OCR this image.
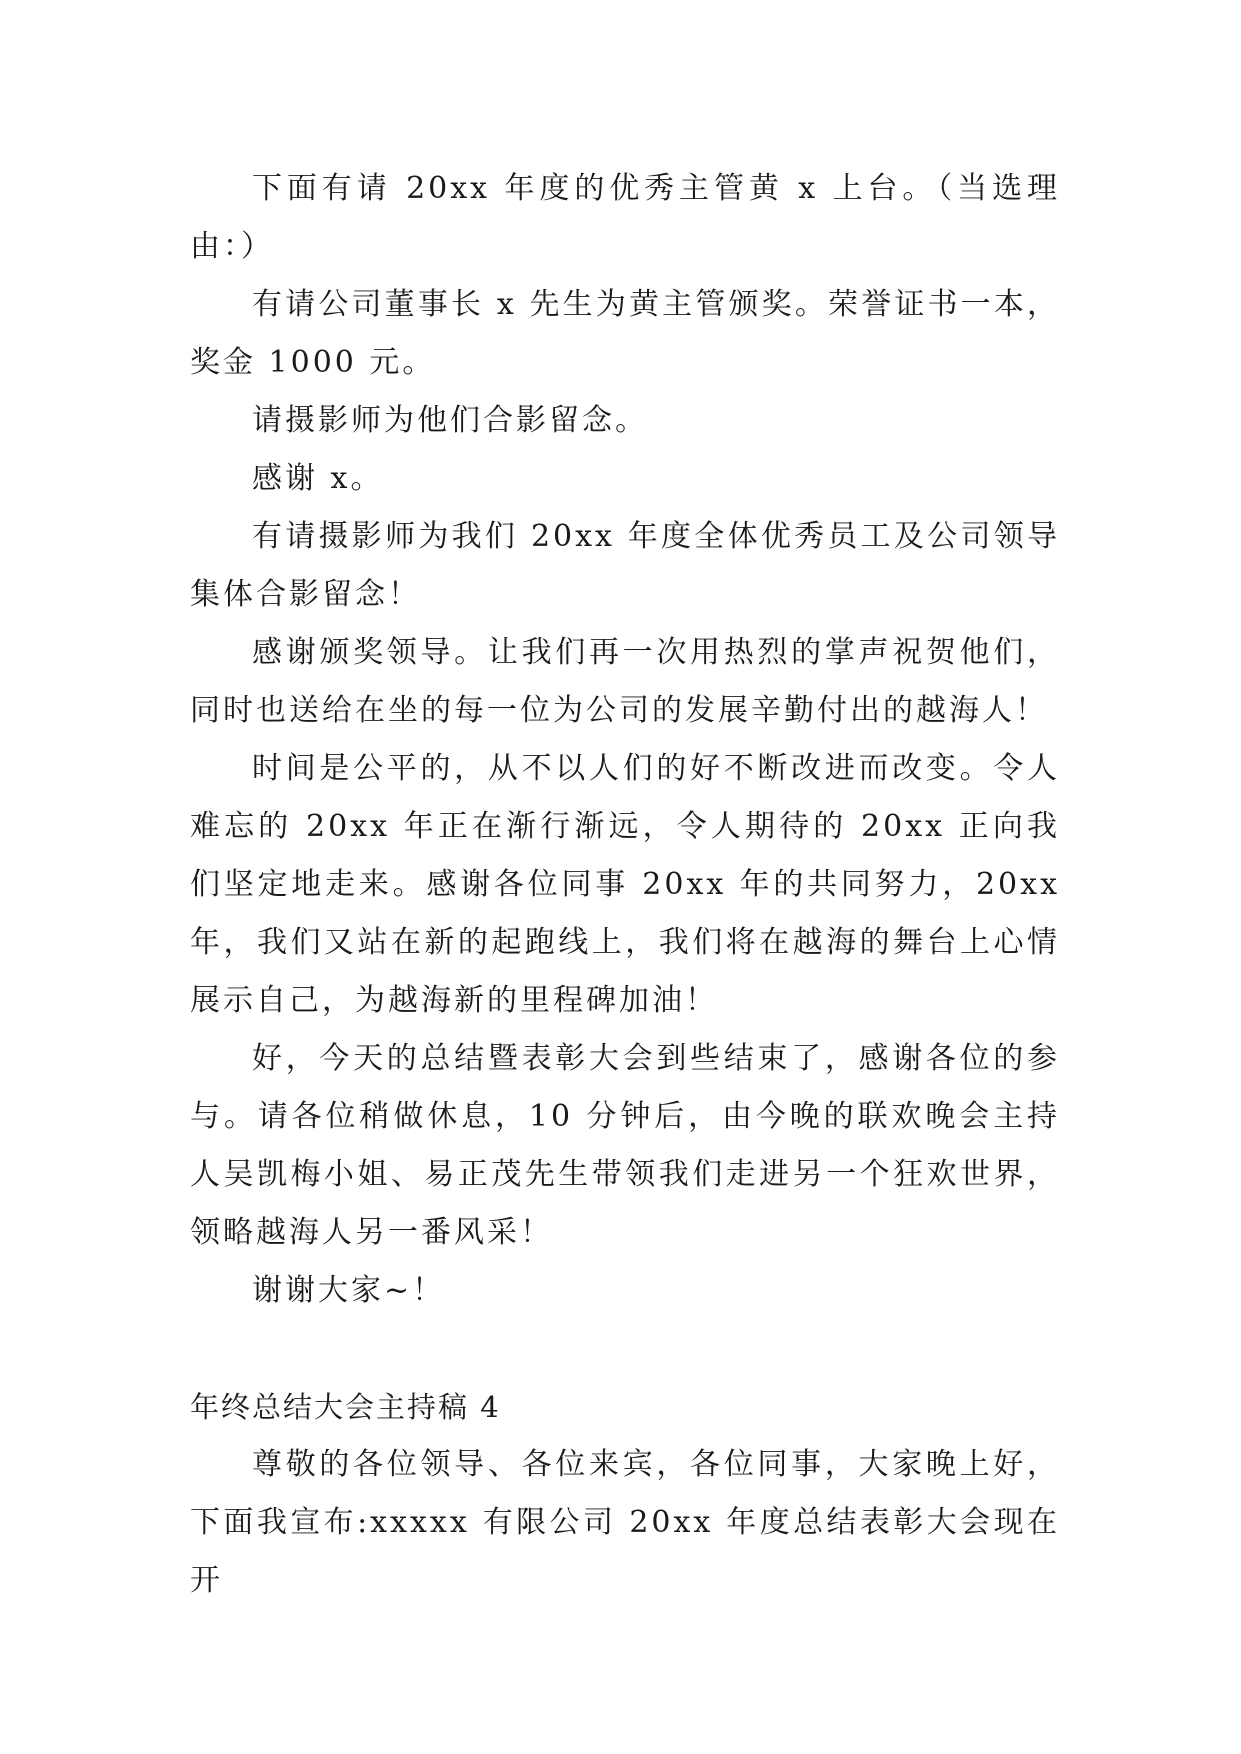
下面有请 20xx 年度的优秀主管黄 x 上台。（当选理由：）

有请公司董事长 x 先生为黄主管颁奖。荣誉证书一本，奖金 1000 元。

请摄影师为他们合影留念。

感谢 x。

有请摄影师为我们 20xx 年度全体优秀员工及公司领导集体合影留念！

感谢颁奖领导。让我们再一次用热烈的掌声祝贺他们，同时也送给在坐的每一位为公司的发展辛勤付出的越海人！

时间是公平的，从不以人们的好不断改进而改变。令人难忘的 20xx 年正在渐行渐远，令人期待的 20xx 正向我们坚定地走来。感谢各位同事 20xx 年的共同努力，20xx 年，我们又站在新的起跑线上，我们将在越海的舞台上心情展示自己，为越海新的里程碑加油！

好，今天的总结暨表彰大会到些结束了，感谢各位的参与。请各位稍做休息，10 分钟后，由今晚的联欢晚会主持人吴凯梅小姐、易正茂先生带领我们走进另一个狂欢世界，领略越海人另一番风采！

谢谢大家~！

年终总结大会主持稿 4

尊敬的各位领导、各位来宾，各位同事，大家晚上好，下面我宣布:xxxxx 有限公司 20xx 年度总结表彰大会现在开
